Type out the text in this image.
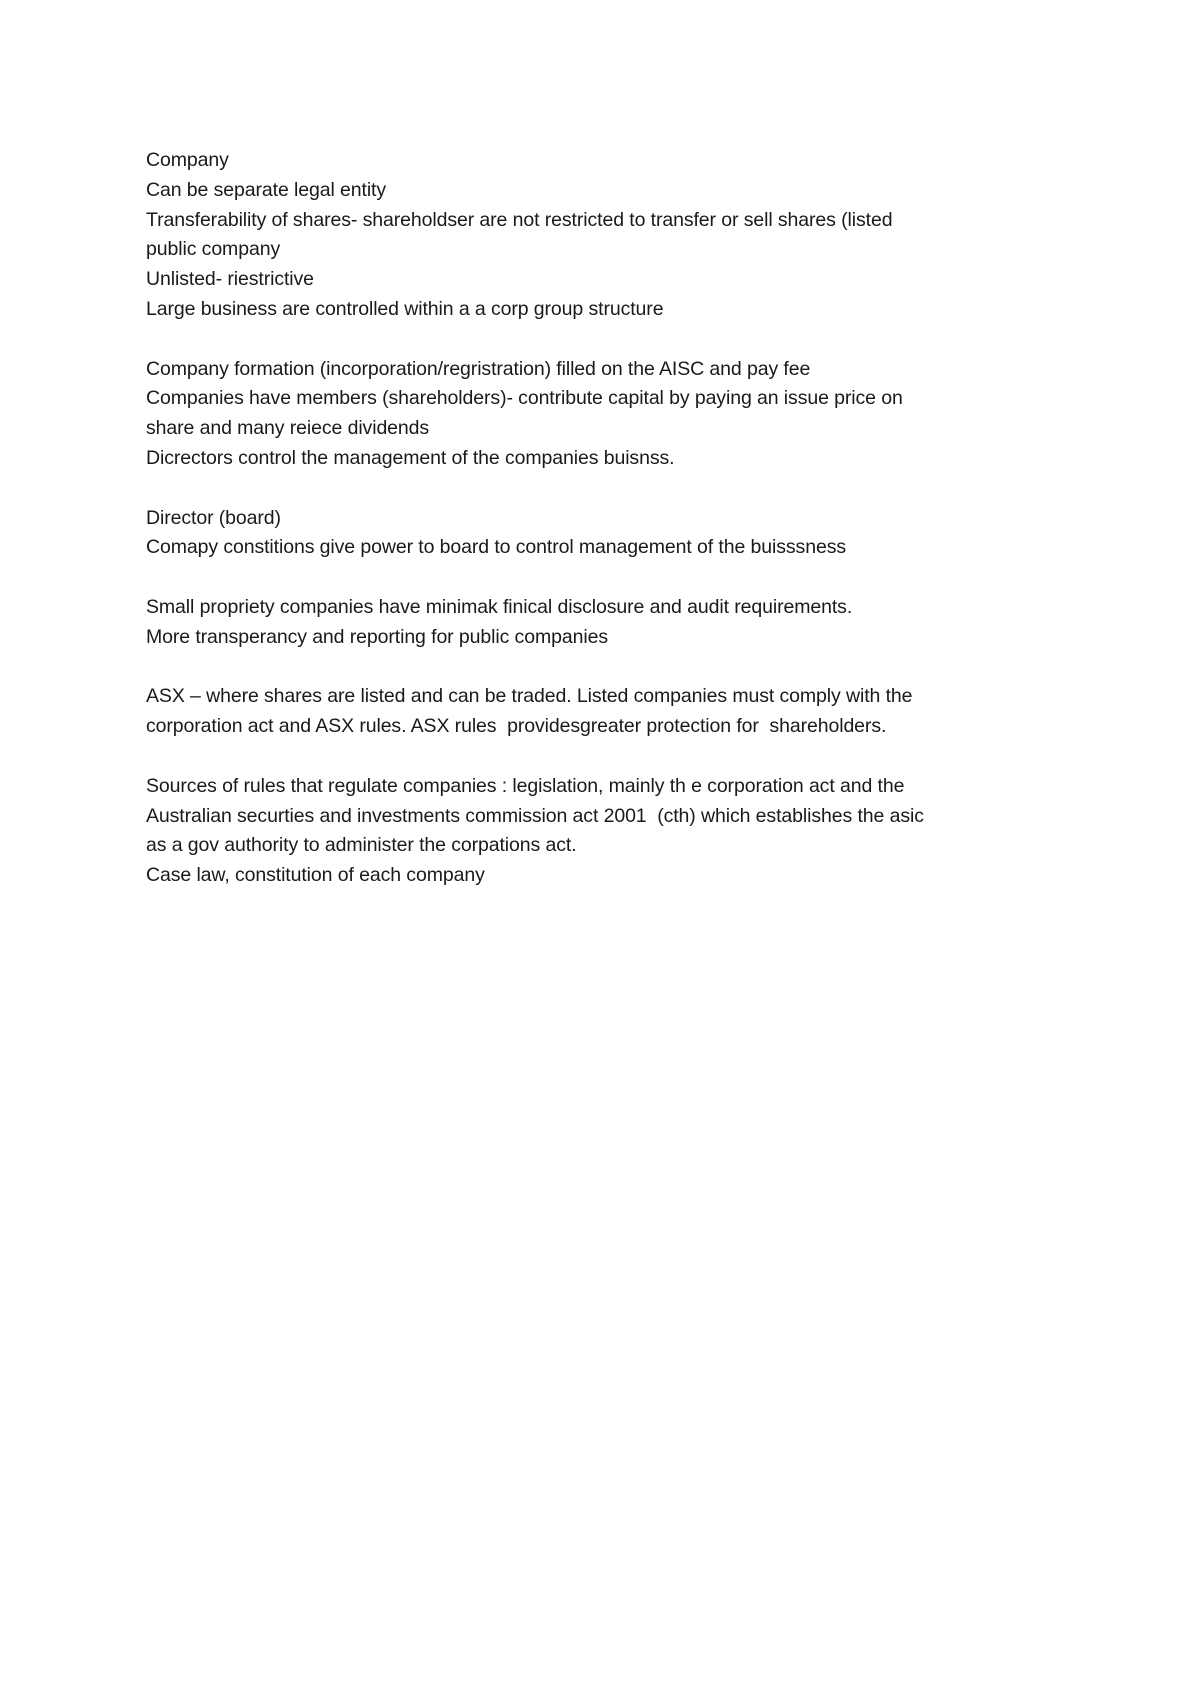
Company
Can be separate legal entity
Transferability of shares- shareholdser are not restricted to transfer or sell shares (listed
public company
Unlisted- riestrictive
Large business are controlled within a a corp group structure
Company formation (incorporation/regristration) filled on the AISC and pay fee
Companies have members (shareholders)- contribute capital by paying an issue price on
share and many reiece dividends
Dicrectors control the management of the companies buisnss.
Director (board)
Comapy constitions give power to board to control management of the buisssness
Small propriety companies have minimak finical disclosure and audit requirements.
More transperancy and reporting for public companies
ASX – where shares are listed and can be traded. Listed companies must comply with the
corporation act and ASX rules. ASX rules  providesgreater protection for  shareholders.
Sources of rules that regulate companies : legislation, mainly th e corporation act and the
Australian securties and investments commission act 2001  (cth) which establishes the asic
as a gov authority to administer the corpations act.
Case law, constitution of each company
